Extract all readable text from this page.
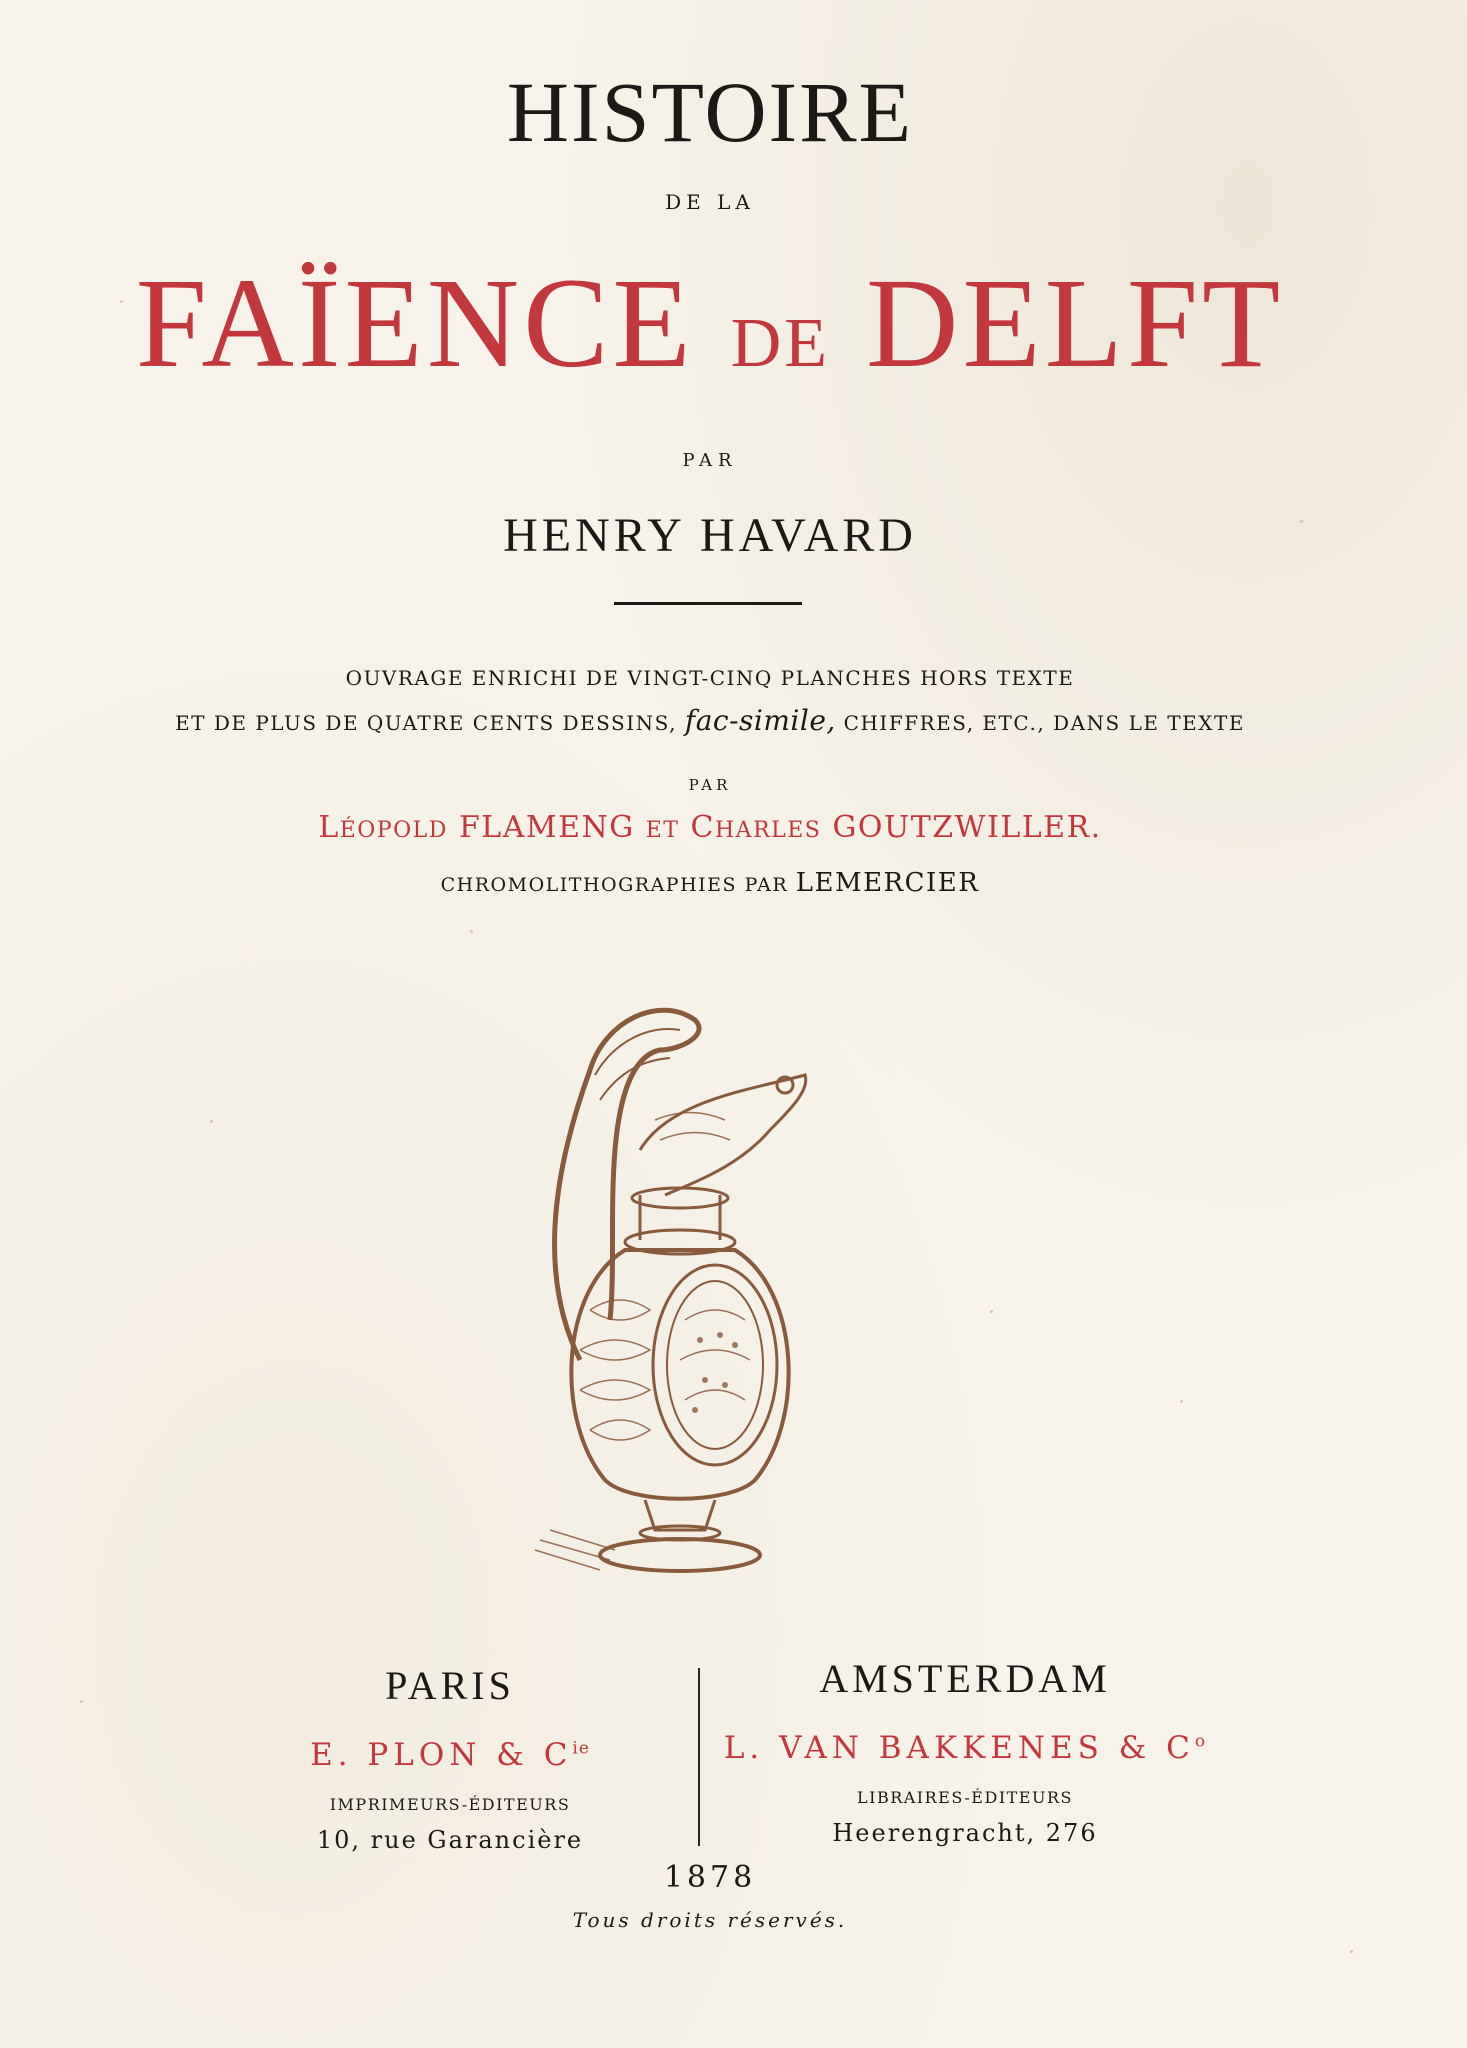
HISTOIRE
DE LA
FAÏENCE DE DELFT
PAR
HENRY HAVARD
OUVRAGE ENRICHI DE VINGT-CINQ PLANCHES HORS TEXTE
ET DE PLUS DE QUATRE CENTS DESSINS, fac-simile, CHIFFRES, ETC., DANS LE TEXTE
PAR
LÉOPOLD FLAMENG ET CHARLES GOUTZWILLER.
CHROMOLITHOGRAPHIES PAR LEMERCIER
PARIS
E. PLON & $C^{ie}$
IMPRIMEURS-ÉDITEURS
10, rue Garancière
AMSTERDAM
L. VAN BAKKENES & $C^o$
LIBRAIRES-ÉDITEURS
Heerengracht, 276
1878
Tous droits réservés.
